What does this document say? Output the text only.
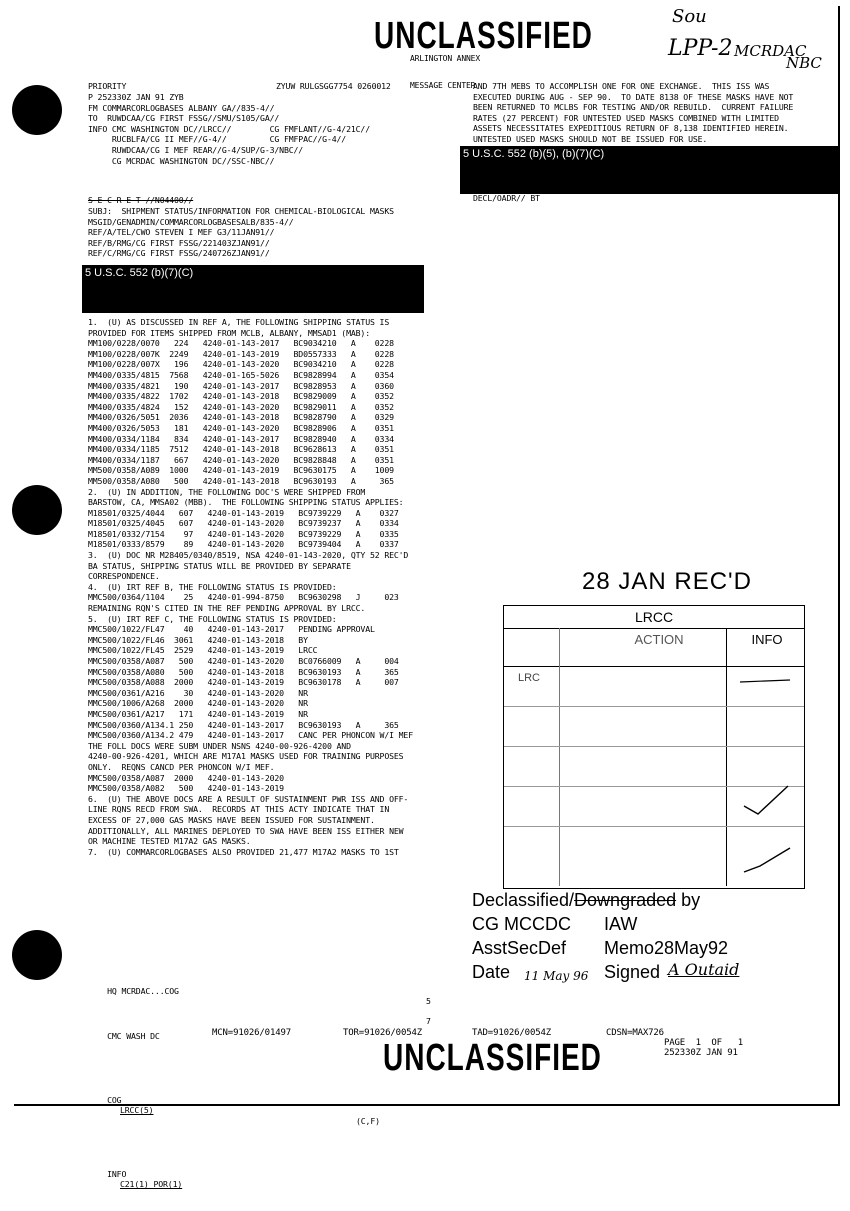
UNCLASSIFIED

ARLINGTON ANNEX

MESSAGE CENTER

Sou
LPP-2 MCRDAC
NBC
PRIORITY	ZYUW RULGSGG7754 0260012
P 252330Z JAN 91 ZYB
FM COMMARCORLOGBASES ALBANY GA//835-4//
TO  RUWDCAA/CG FIRST FSSG//SMU/S105/GA//
INFO CMC WASHINGTON DC//LRCC//        CG FMFLANT//G-4/21C//
RUCBLFA/CG II MEF//G-4//         CG FMFPAC//G-4//
RUWDCAA/CG I MEF REAR//G-4/SUP/G-3/NBC//
CG MCRDAC WASHINGTON DC//SSC-NBC//
S E C R E T //N04400//
SUBJ:  SHIPMENT STATUS/INFORMATION FOR CHEMICAL-BIOLOGICAL MASKS
MSGID/GENADMIN/COMMARCORLOGBASESALB/835-4//
REF/A/TEL/CWO STEVEN I MEF G3/11JAN91//
REF/B/RMG/CG FIRST FSSG/221403ZJAN91//
REF/C/RMG/CG FIRST FSSG/240726ZJAN91//
5 U.S.C. 552 (b)(7)(C)
1.  (U) AS DISCUSSED IN REF A, THE FOLLOWING SHIPPING STATUS IS
PROVIDED FOR ITEMS SHIPPED FROM MCLB, ALBANY, MMSAD1 (MAB):
MM100/0228/0070   224   4240-01-143-2017   BC9034210   A    0228
MM100/0228/007K  2249   4240-01-143-2019   BD0557333   A    0228
MM100/0228/007X   196   4240-01-143-2020   BC9034210   A    0228
MM400/0335/4815  7568   4240-01-165-5026   BC9828994   A    0354
MM400/0335/4821   190   4240-01-143-2017   BC9828953   A    0360
MM400/0335/4822  1702   4240-01-143-2018   BC9829009   A    0352
MM400/0335/4824   152   4240-01-143-2020   BC9829011   A    0352
MM400/0326/5051  2036   4240-01-143-2018   BC9828790   A    0329
MM400/0326/5053   181   4240-01-143-2020   BC9828906   A    0351
MM400/0334/1184   834   4240-01-143-2017   BC9828940   A    0334
MM400/0334/1185  7512   4240-01-143-2018   BC9628613   A    0351
MM400/0334/1187   667   4240-01-143-2020   BC9828848   A    0351
MM500/0358/A089  1000   4240-01-143-2019   BC9630175   A    1009
MM500/0358/A080   500   4240-01-143-2018   BC9630193   A     365
2.  (U) IN ADDITION, THE FOLLOWING DOC'S WERE SHIPPED FROM
BARSTOW, CA, MMSA02 (MBB).  THE FOLLOWING SHIPPING STATUS APPLIES:
M18501/0325/4044   607   4240-01-143-2019   BC9739229   A    0327
M18501/0325/4045   607   4240-01-143-2020   BC9739237   A    0334
M18501/0332/7154    97   4240-01-143-2020   BC9739229   A    0335
M18501/0333/8579    89   4240-01-143-2020   BC9739404   A    0337
3.  (U) DOC NR M28405/0340/8519, NSA 4240-01-143-2020, QTY 52 REC'D
BA STATUS, SHIPPING STATUS WILL BE PROVIDED BY SEPARATE
CORRESPONDENCE.
4.  (U) IRT REF B, THE FOLLOWING STATUS IS PROVIDED:
MMC500/0364/1104    25   4240-01-994-8750   BC9630298   J     023
REMAINING RQN'S CITED IN THE REF PENDING APPROVAL BY LRCC.
5.  (U) IRT REF C, THE FOLLOWING STATUS IS PROVIDED:
MMC500/1022/FL47    40   4240-01-143-2017   PENDING APPROVAL
MMC500/1022/FL46  3061   4240-01-143-2018   BY
MMC500/1022/FL45  2529   4240-01-143-2019   LRCC
MMC500/0358/A087   500   4240-01-143-2020   BC0766009   A     004
MMC500/0358/A080   500   4240-01-143-2018   BC9630193   A     365
MMC500/0358/A088  2000   4240-01-143-2019   BC9630178   A     007
MMC500/0361/A216    30   4240-01-143-2020   NR
MMC500/1006/A268  2000   4240-01-143-2020   NR
MMC500/0361/A217   171   4240-01-143-2019   NR
MMC500/0360/A134.1 250   4240-01-143-2017   BC9630193   A     365
MMC500/0360/A134.2 479   4240-01-143-2017   CANC PER PHONCON W/I MEF
THE FOLL DOCS WERE SUBM UNDER NSNS 4240-00-926-4200 AND
4240-00-926-4201, WHICH ARE M17A1 MASKS USED FOR TRAINING PURPOSES
ONLY.  REQNS CANCD PER PHONCON W/I MEF.
MMC500/0358/A087  2000   4240-01-143-2020
MMC500/0358/A082   500   4240-01-143-2019
6.  (U) THE ABOVE DOCS ARE A RESULT OF SUSTAINMENT PWR ISS AND OFF-
LINE RQNS RECD FROM SWA.  RECORDS AT THIS ACTY INDICATE THAT IN
EXCESS OF 27,000 GAS MASKS HAVE BEEN ISSUED FOR SUSTAINMENT.
ADDITIONALLY, ALL MARINES DEPLOYED TO SWA HAVE BEEN ISS EITHER NEW
OR MACHINE TESTED M17A2 GAS MASKS.
7.  (U) COMMARCORLOGBASES ALSO PROVIDED 21,477 M17A2 MASKS TO 1ST
AND 7TH MEBS TO ACCOMPLISH ONE FOR ONE EXCHANGE.  THIS ISS WAS
EXECUTED DURING AUG - SEP 90.  TO DATE 8138 OF THESE MASKS HAVE NOT
BEEN RETURNED TO MCLBS FOR TESTING AND/OR REBUILD.  CURRENT FAILURE
RATES (27 PERCENT) FOR UNTESTED USED MASKS COMBINED WITH LIMITED
ASSETS NECESSITATES EXPEDITIOUS RETURN OF 8,138 IDENTIFIED HEREIN.
UNTESTED USED MASKS SHOULD NOT BE ISSUED FOR USE.
5 U.S.C. 552 (b)(5), (b)(7)(C)
DECL/OADR// BT

HQ MCRDAC...COG

5

CMC WASH DC

7

COG

LRCC(5)

(C,F)

INFO

C21(1) POR(1)

MCN=91026/01497	TOR=91026/0054Z	TAD=91026/0054Z	CDSN=MAX726
PAGE  1  OF   1
252330Z JAN 91
UNCLASSIFIED
28 JAN REC'D
LRCC
ACTION	INFO
LRC
Declassified/Downgraded by
CG MCCDC IAW
AsstSecDef Memo28May92
Date 11 May 96 Signed A Outaid
